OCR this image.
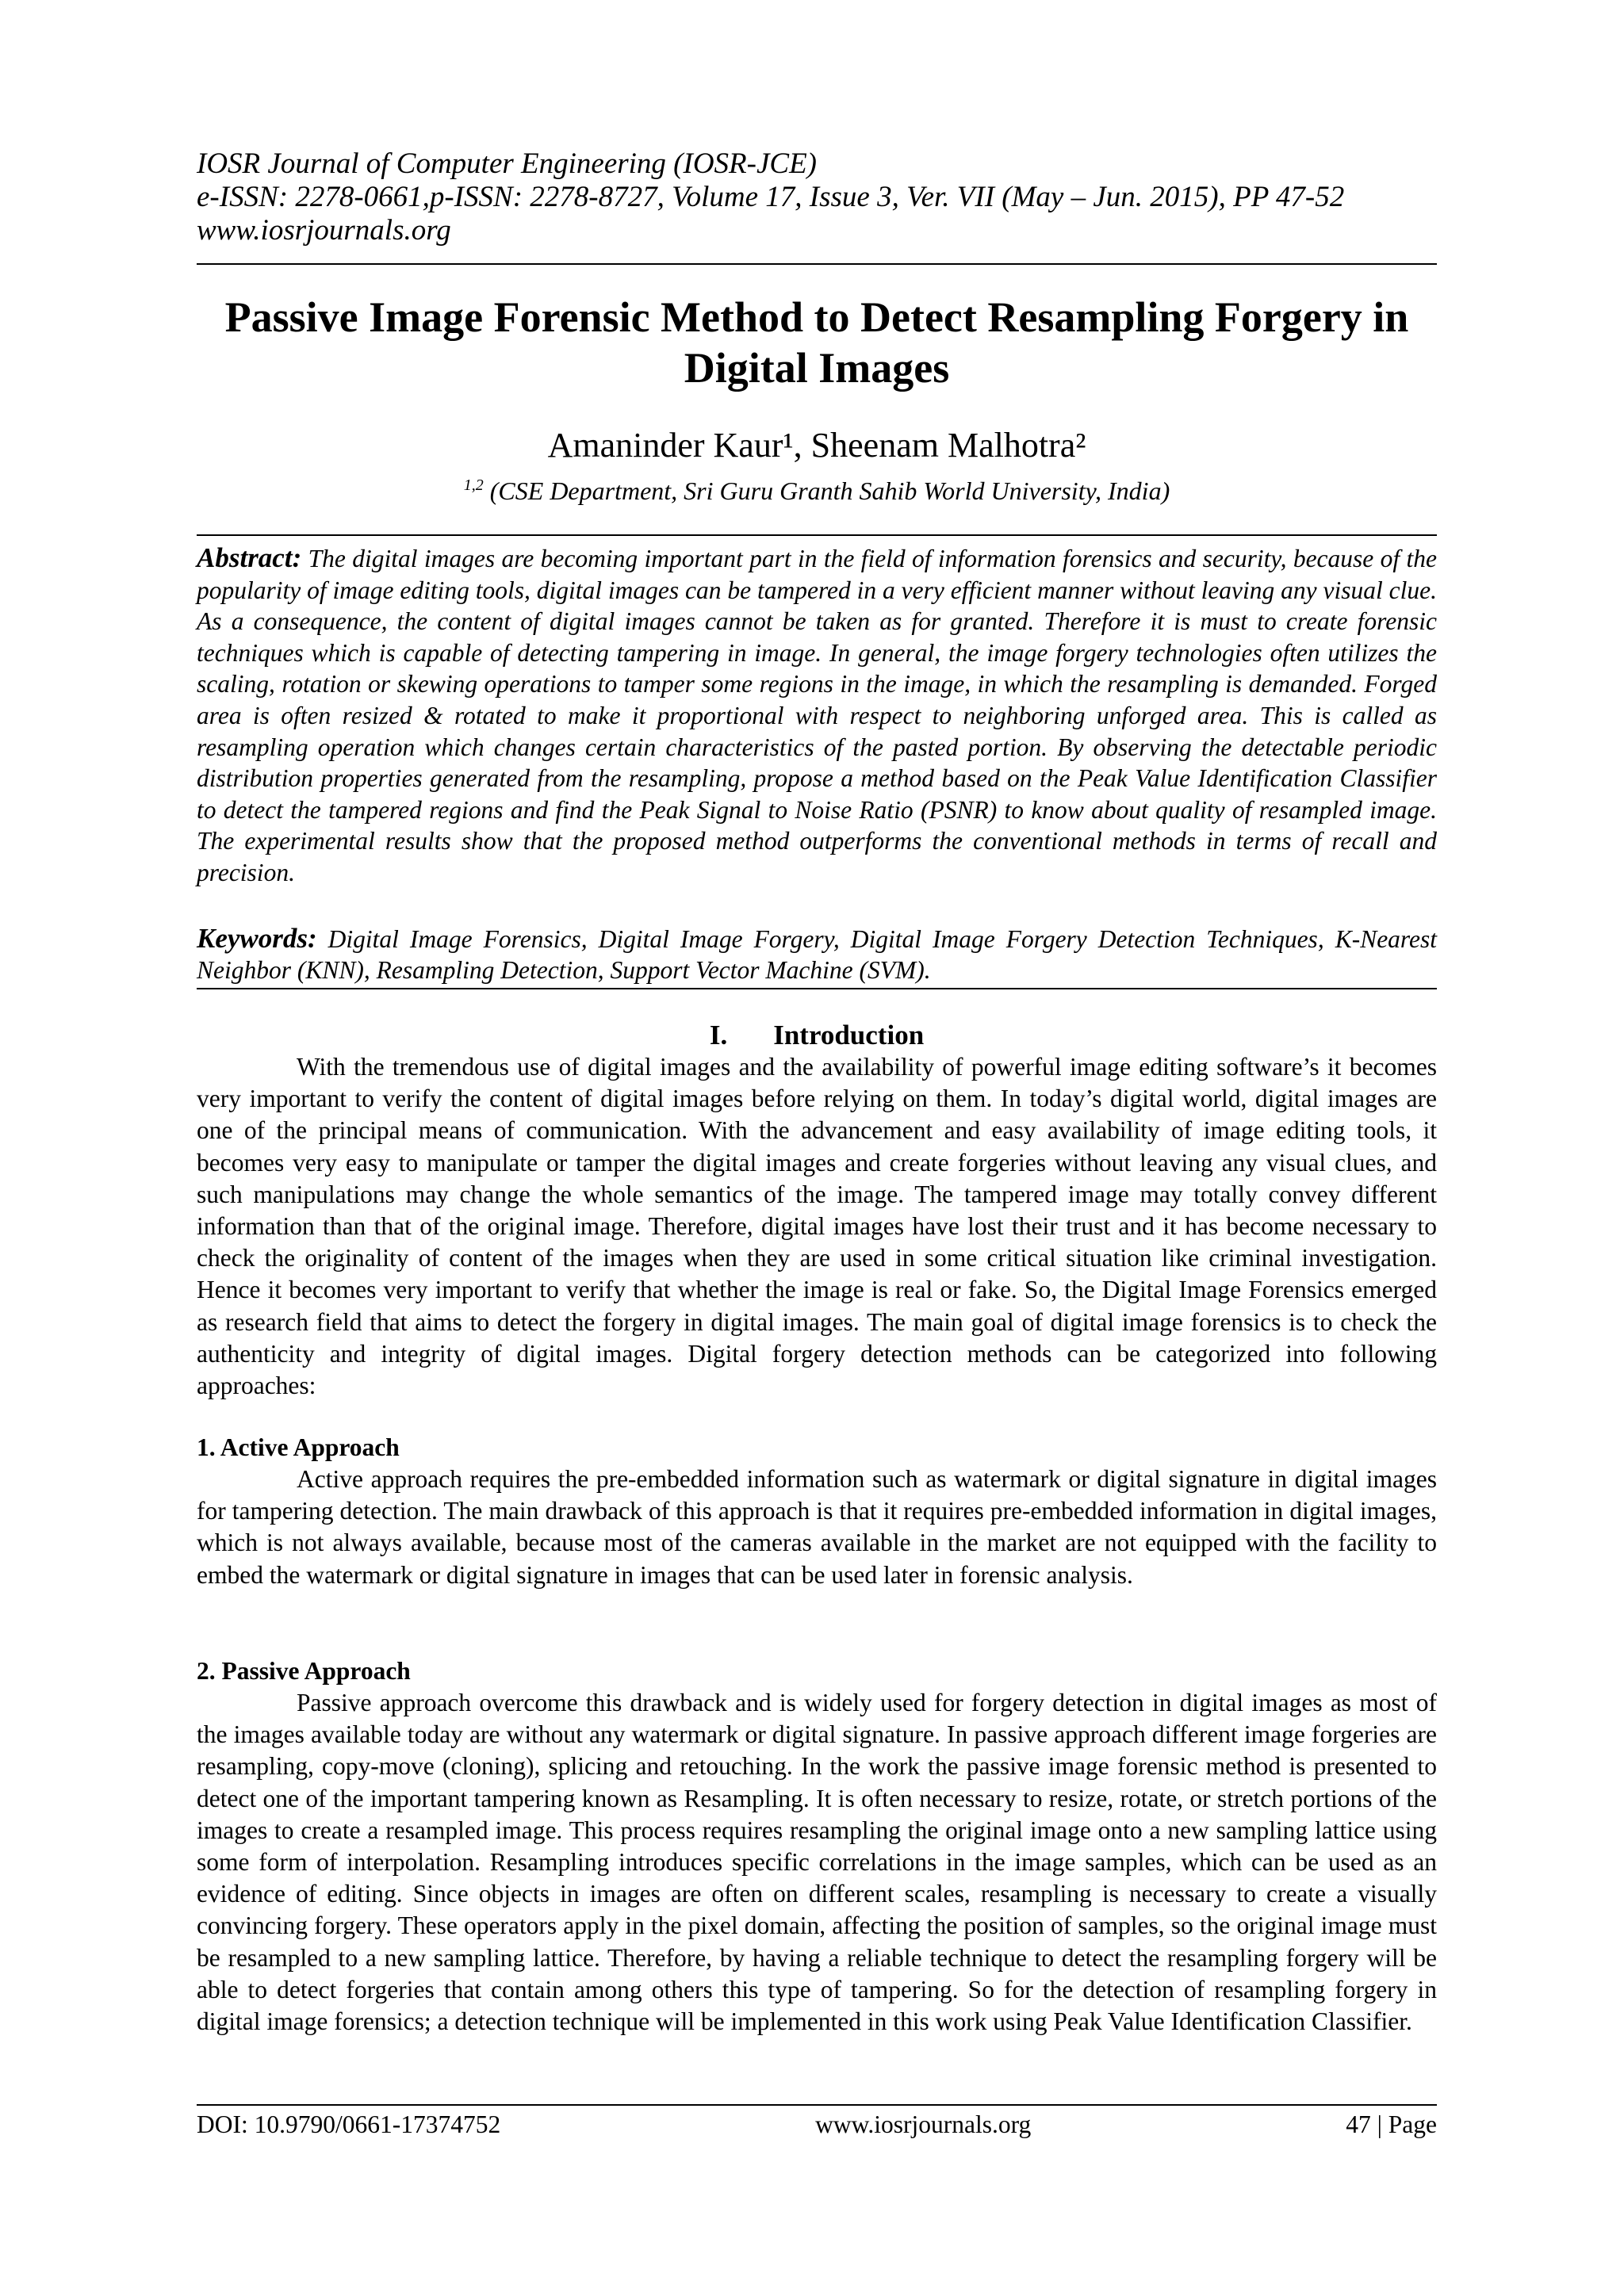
IOSR Journal of Computer Engineering (IOSR-JCE)
e-ISSN: 2278-0661,p-ISSN: 2278-8727, Volume 17, Issue 3, Ver. VII (May – Jun. 2015), PP 47-52
www.iosrjournals.org
Passive Image Forensic Method to Detect Resampling Forgery in
Digital Images
Amaninder Kaur¹, Sheenam Malhotra²
$^{1,2}$ (CSE Department, Sri Guru Granth Sahib World University, India)
Abstract: The digital images are becoming important part in the field of information forensics and security, because of the popularity of image editing tools, digital images can be tampered in a very efficient manner without leaving any visual clue. As a consequence, the content of digital images cannot be taken as for granted. Therefore it is must to create forensic techniques which is capable of detecting tampering in image. In general, the image forgery technologies often utilizes the scaling, rotation or skewing operations to tamper some regions in the image, in which the resampling is demanded. Forged area is often resized & rotated to make it proportional with respect to neighboring unforged area. This is called as resampling operation which changes certain characteristics of the pasted portion. By observing the detectable periodic distribution properties generated from the resampling, propose a method based on the Peak Value Identification Classifier to detect the tampered regions and find the Peak Signal to Noise Ratio (PSNR) to know about quality of resampled image. The experimental results show that the proposed method outperforms the conventional methods in terms of recall and precision.
Keywords: Digital Image Forensics, Digital Image Forgery, Digital Image Forgery Detection Techniques, K-Nearest Neighbor (KNN), Resampling Detection, Support Vector Machine (SVM).
I. Introduction

With the tremendous use of digital images and the availability of powerful image editing software’s it becomes very important to verify the content of digital images before relying on them. In today’s digital world, digital images are one of the principal means of communication. With the advancement and easy availability of image editing tools, it becomes very easy to manipulate or tamper the digital images and create forgeries without leaving any visual clues, and such manipulations may change the whole semantics of the image. The tampered image may totally convey different information than that of the original image. Therefore, digital images have lost their trust and it has become necessary to check the originality of content of the images when they are used in some critical situation like criminal investigation. Hence it becomes very important to verify that whether the image is real or fake. So, the Digital Image Forensics emerged as research field that aims to detect the forgery in digital images. The main goal of digital image forensics is to check the authenticity and integrity of digital images. Digital forgery detection methods can be categorized into following approaches:

1. Active Approach

Active approach requires the pre-embedded information such as watermark or digital signature in digital images for tampering detection. The main drawback of this approach is that it requires pre-embedded information in digital images, which is not always available, because most of the cameras available in the market are not equipped with the facility to embed the watermark or digital signature in images that can be used later in forensic analysis.

2. Passive Approach

Passive approach overcome this drawback and is widely used for forgery detection in digital images as most of the images available today are without any watermark or digital signature. In passive approach different image forgeries are resampling, copy-move (cloning), splicing and retouching. In the work the passive image forensic method is presented to detect one of the important tampering known as Resampling. It is often necessary to resize, rotate, or stretch portions of the images to create a resampled image. This process requires resampling the original image onto a new sampling lattice using some form of interpolation. Resampling introduces specific correlations in the image samples, which can be used as an evidence of editing. Since objects in images are often on different scales, resampling is necessary to create a visually convincing forgery. These operators apply in the pixel domain, affecting the position of samples, so the original image must be resampled to a new sampling lattice. Therefore, by having a reliable technique to detect the resampling forgery will be able to detect forgeries that contain among others this type of tampering. So for the detection of resampling forgery in digital image forensics; a detection technique will be implemented in this work using Peak Value Identification Classifier.

DOI: 10.9790/0661-17374752	www.iosrjournals.org	47 | Page
